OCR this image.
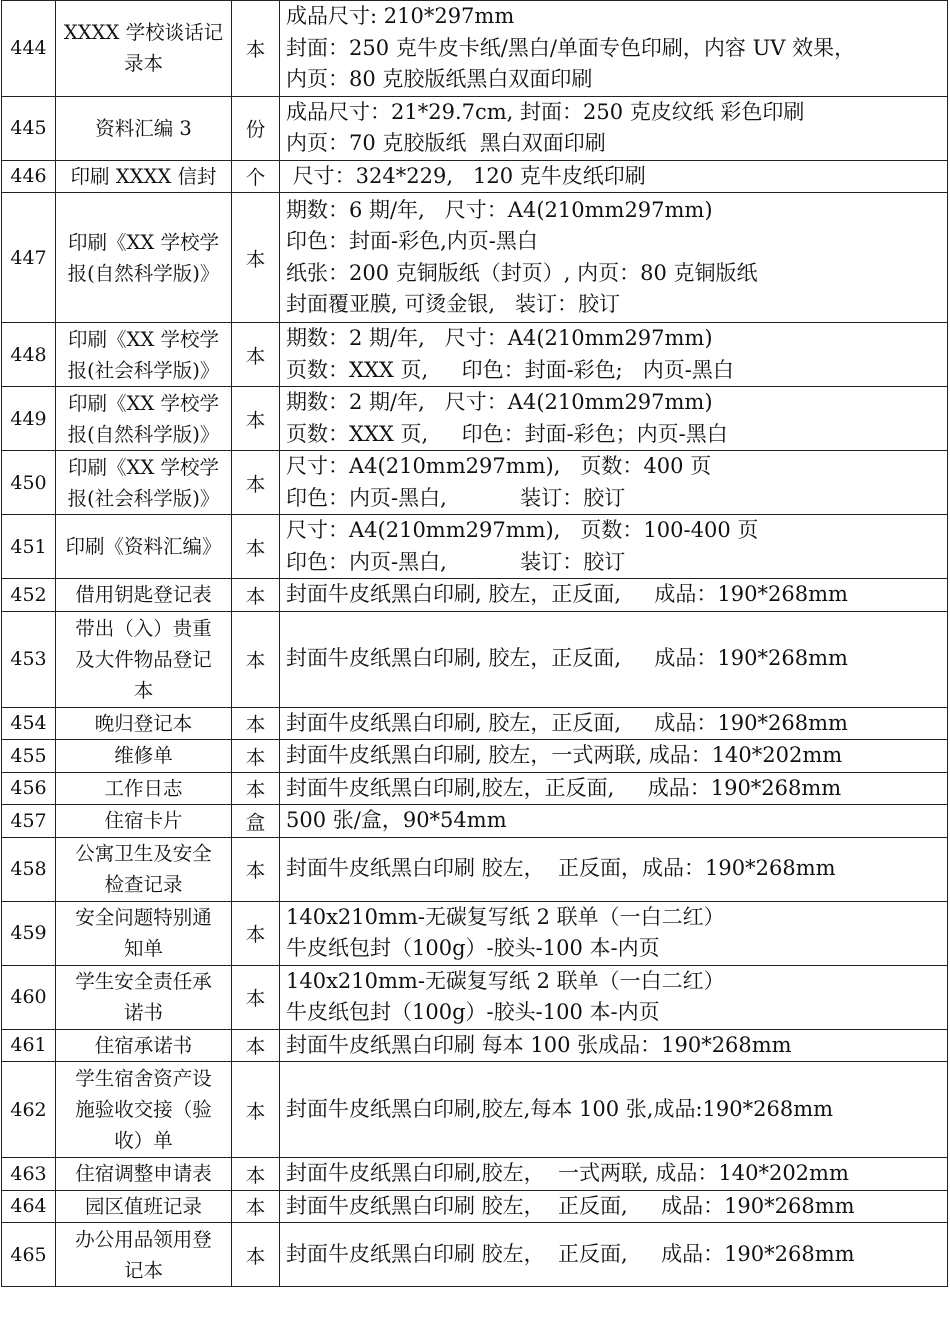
444	XXXX 学校谈话记
录本	本	成品尺寸: 210*297mm
封面：250 克牛皮卡纸/黑白/单面专色印刷，内容 UV 效果，
内页：80 克胶版纸黑白双面印刷

445	资料汇编 3	份	成品尺寸：21*29.7cm, 封面：250 克皮纹纸 彩色印刷
内页：70 克胶版纸  黑白双面印刷

446	印刷 XXXX 信封	个	尺寸：324*229,   120 克牛皮纸印刷

447	印刷《XX 学校学
报(自然科学版)》	本	期数：6 期/年,   尺寸：A4(210mm297mm)
印色：封面-彩色,内页-黑白
纸张：200 克铜版纸（封页）, 内页：80 克铜版纸
封面覆亚膜, 可烫金银,   装订：胶订

448	印刷《XX 学校学
报(社会科学版)》	本	期数：2 期/年,   尺寸：A4(210mm297mm)
页数：XXX 页,     印色：封面-彩色;   内页-黑白

449	印刷《XX 学校学
报(自然科学版)》	本	期数：2 期/年,   尺寸：A4(210mm297mm)
页数：XXX 页,     印色：封面-彩色；内页-黑白

450	印刷《XX 学校学
报(社会科学版)》	本	尺寸：A4(210mm297mm),   页数：400 页
印色：内页-黑白,           装订：胶订

451	印刷《资料汇编》	本	尺寸：A4(210mm297mm),   页数：100-400 页
印色：内页-黑白,           装订：胶订

452	借用钥匙登记表	本	封面牛皮纸黑白印刷, 胶左，正反面,     成品：190*268mm

453	带出（入）贵重
及大件物品登记
本	本	封面牛皮纸黑白印刷, 胶左，正反面,     成品：190*268mm

454	晚归登记本	本	封面牛皮纸黑白印刷, 胶左，正反面,     成品：190*268mm

455	维修单	本	封面牛皮纸黑白印刷, 胶左，一式两联, 成品：140*202mm

456	工作日志	本	封面牛皮纸黑白印刷,胶左，正反面,     成品：190*268mm

457	住宿卡片	盒	500 张/盒，90*54mm

458	公寓卫生及安全
检查记录	本	封面牛皮纸黑白印刷 胶左，  正反面，成品：190*268mm

459	安全问题特别通
知单	本	140x210mm-无碳复写纸 2 联单（一白二红）
牛皮纸包封（100g）-胶头-100 本-内页

460	学生安全责任承
诺书	本	140x210mm-无碳复写纸 2 联单（一白二红）
牛皮纸包封（100g）-胶头-100 本-内页

461	住宿承诺书	本	封面牛皮纸黑白印刷 每本 100 张成品：190*268mm

462	学生宿舍资产设
施验收交接（验
收）单	本	封面牛皮纸黑白印刷,胶左,每本 100 张,成品:190*268mm

463	住宿调整申请表	本	封面牛皮纸黑白印刷,胶左，  一式两联, 成品：140*202mm

464	园区值班记录	本	封面牛皮纸黑白印刷 胶左，  正反面,     成品：190*268mm

465	办公用品领用登
记本	本	封面牛皮纸黑白印刷 胶左，  正反面,     成品：190*268mm
